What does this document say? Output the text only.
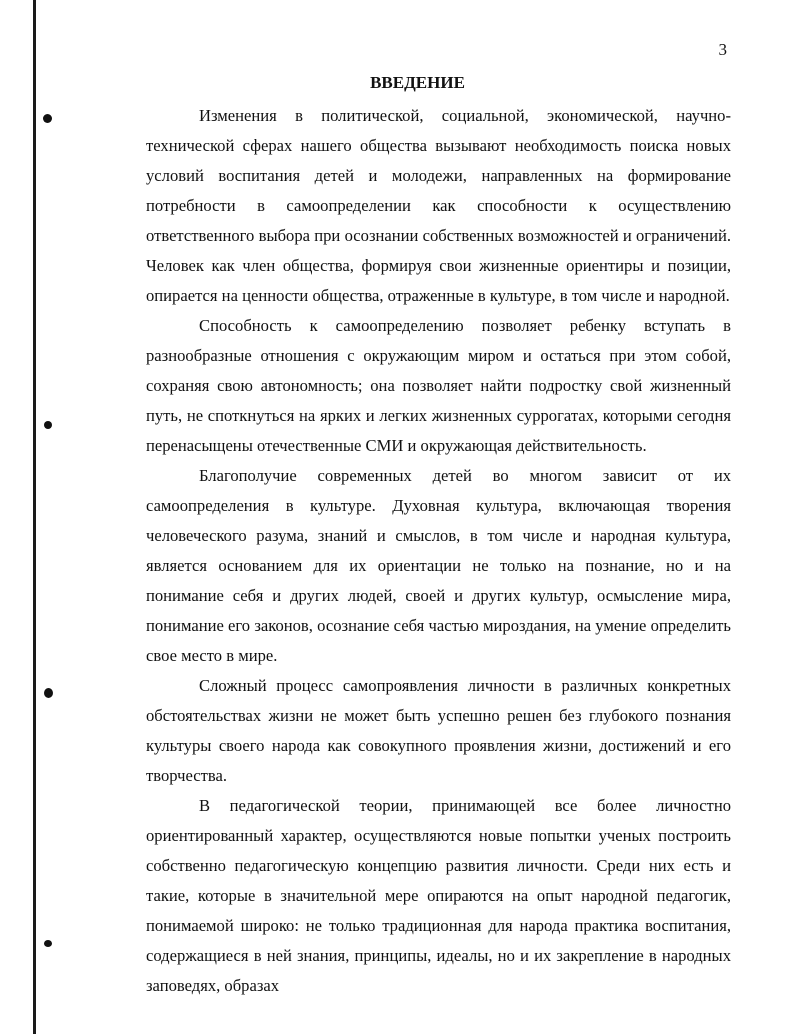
3
ВВЕДЕНИЕ

Изменения в политической, социальной, экономической, научно-технической сферах нашего общества вызывают необходимость поиска новых условий воспитания детей и молодежи, направленных на формирование потребности в самоопределении как способности к осуществлению ответственного выбора при осознании собственных возможностей и ограничений. Человек как член общества, формируя свои жизненные ориентиры и позиции, опирается на ценности общества, отраженные в культуре, в том числе и народной.

Способность к самоопределению позволяет ребенку вступать в разнообразные отношения с окружающим миром и остаться при этом собой, сохраняя свою автономность; она позволяет найти подростку свой жизненный путь, не споткнуться на ярких и легких жизненных суррогатах, которыми сегодня перенасыщены отечественные СМИ и окружающая действительность.

Благополучие современных детей во многом зависит от их самоопределения в культуре. Духовная культура, включающая творения человеческого разума, знаний и смыслов, в том числе и народная культура, является основанием для их ориентации не только на познание, но и на понимание себя и других людей, своей и других культур, осмысление мира, понимание его законов, осознание себя частью мироздания, на умение определить свое место в мире.

Сложный процесс самопроявления личности в различных конкретных обстоятельствах жизни не может быть успешно решен без глубокого познания культуры своего народа как совокупного проявления жизни, достижений и его творчества.

В педагогической теории, принимающей все более личностно ориентированный характер, осуществляются новые попытки ученых построить собственно педагогическую концепцию развития личности. Среди них есть и такие, которые в значительной мере опираются на опыт народной педагогик, понимаемой широко: не только традиционная для народа практика воспитания, содержащиеся в ней знания, принципы, идеалы, но и их закрепление в народных заповедях, образах
